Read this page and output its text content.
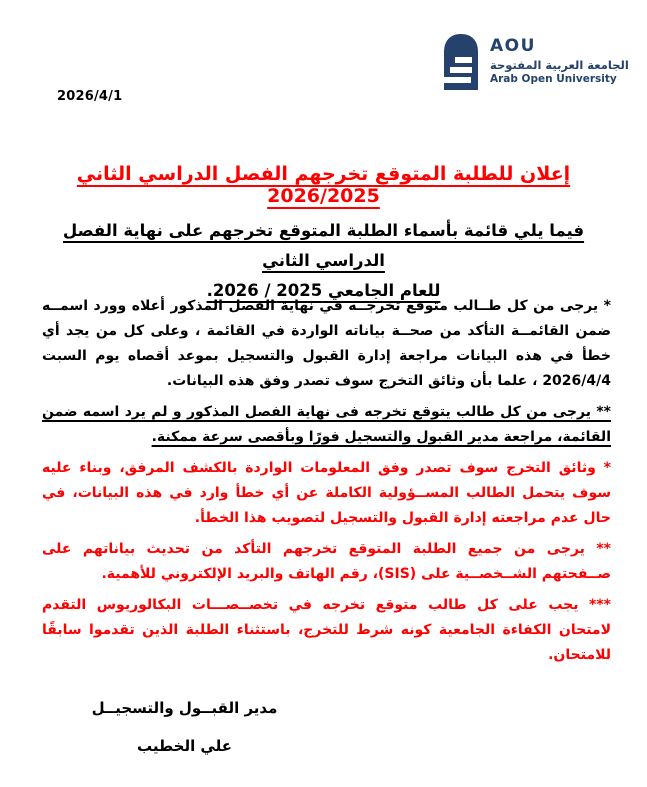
2026/4/1
AOU
الجامعة العربية المفتوحة
Arab Open University
إعلان للطلبة المتوقع تخرجهم الفصل الدراسي الثاني 2026/2025
فيما يلي قائمة بأسماء الطلبة المتوقع تخرجهم على نهاية الفصل الدراسي الثاني
للعام الجامعي 2025 / 2026.

* يرجى من كل طــالب متوقع تخرجــه في نهاية الفصل المذكور أعلاه وورد اسمــه ضمن القائمــة التأكد من صحــة بياناته الواردة في القائمة ، وعلى كل من يجد أي خطأ في هذه البيانات مراجعة إدارة القبول والتسجيل بموعد أقصاه يوم السبت 2026/4/4 ، علما بأن وثائق التخرج سوف تصدر وفق هذه البيانات.

** يرجى من كل طالب يتوقع تخرجه فى نهاية الفصل المذكور و لم يرد اسمه ضمن القائمة، مراجعة مدير القبول والتسجيل فورًا وبأقصى سرعة ممكنة.

* وثائق التخرج سوف تصدر وفق المعلومات الواردة بالكشف المرفق، وبناء عليه سوف يتحمل الطالب المســؤولية الكاملة عن أي خطأ وارد في هذه البيانات، في حال عدم مراجعته إدارة القبول والتسجيل لتصويب هذا الخطأ.

** يرجى من جميع الطلبة المتوقع تخرجهم التأكد من تحديث بياناتهم على صــفحتهم الشــخصــية على (SIS)، رقم الهاتف والبريد الإلكتروني للأهمية.

*** يجب على كل طالب متوقع تخرجه في تخصــصـــات البكالوريوس التقدم لامتحان الكفاءة الجامعية كونه شرط للتخرج، باستثناء الطلبة الذين تقدموا سابقًا للامتحان.

مدير القبــول والتسجيــل
علي الخطيب
